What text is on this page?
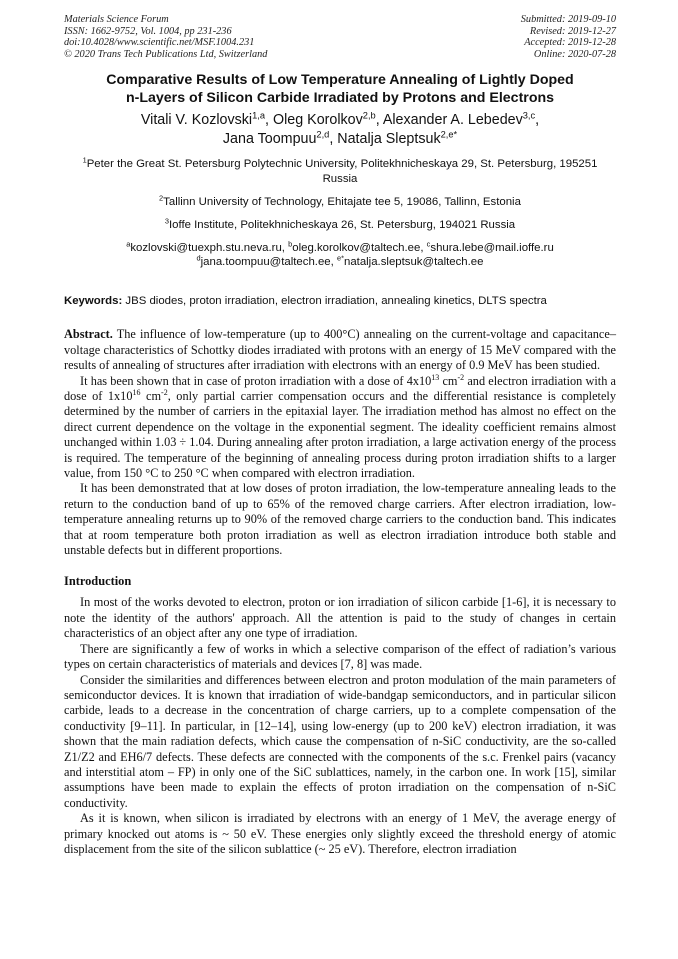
Materials Science Forum
ISSN: 1662-9752, Vol. 1004, pp 231-236
doi:10.4028/www.scientific.net/MSF.1004.231
© 2020 Trans Tech Publications Ltd, Switzerland
Submitted: 2019-09-10
Revised: 2019-12-27
Accepted: 2019-12-28
Online: 2020-07-28
Comparative Results of Low Temperature Annealing of Lightly Doped
n-Layers of Silicon Carbide Irradiated by Protons and Electrons
Vitali V. Kozlovski$^{1,a}$, Oleg Korolkov$^{2,b}$, Alexander A. Lebedev$^{3,c}$,
Jana Toompuu$^{2,d}$, Natalja Sleptsuk$^{2,e*}$
$^1$Peter the Great St. Petersburg Polytechnic University, Politekhnicheskaya 29, St. Petersburg, 195251 Russia
$^2$Tallinn University of Technology, Ehitajate tee 5, 19086, Tallinn, Estonia
$^3$Ioffe Institute, Politekhnicheskaya 26, St. Petersburg, 194021 Russia
$^a$kozlovski@tuexph.stu.neva.ru, $^b$oleg.korolkov@taltech.ee, $^c$shura.lebe@mail.ioffe.ru
$^d$jana.toompuu@taltech.ee, $^{e*}$natalja.sleptsuk@taltech.ee
Keywords: JBS diodes, proton irradiation, electron irradiation, annealing kinetics, DLTS spectra
Abstract. The influence of low-temperature (up to 400°C) annealing on the current-voltage and capacitance–voltage characteristics of Schottky diodes irradiated with protons with an energy of 15 MeV compared with the results of annealing of structures after irradiation with electrons with an energy of 0.9 MeV has been studied.
It has been shown that in case of proton irradiation with a dose of $4x10^{13}$ $cm^{-2}$ and electron irradiation with a dose of $1x10^{16}$ $cm^{-2}$, only partial carrier compensation occurs and the differential resistance is completely determined by the number of carriers in the epitaxial layer. The irradiation method has almost no effect on the direct current dependence on the voltage in the exponential segment. The ideality coefficient remains almost unchanged within 1.03 ÷ 1.04. During annealing after proton irradiation, a large activation energy of the process is required. The temperature of the beginning of annealing process during proton irradiation shifts to a larger value, from 150 °C to 250 °C when compared with electron irradiation.
It has been demonstrated that at low doses of proton irradiation, the low-temperature annealing leads to the return to the conduction band of up to 65% of the removed charge carriers. After electron irradiation, low-temperature annealing returns up to 90% of the removed charge carriers to the conduction band. This indicates that at room temperature both proton irradiation as well as electron irradiation introduce both stable and unstable defects but in different proportions.
Introduction
In most of the works devoted to electron, proton or ion irradiation of silicon carbide [1-6], it is necessary to note the identity of the authors' approach. All the attention is paid to the study of changes in certain characteristics of an object after any one type of irradiation.
There are significantly a few of works in which a selective comparison of the effect of radiation’s various types on certain characteristics of materials and devices [7, 8] was made.
Consider the similarities and differences between electron and proton modulation of the main parameters of semiconductor devices. It is known that irradiation of wide-bandgap semiconductors, and in particular silicon carbide, leads to a decrease in the concentration of charge carriers, up to a complete compensation of the conductivity [9–11]. In particular, in [12–14], using low-energy (up to 200 keV) electron irradiation, it was shown that the main radiation defects, which cause the compensation of n-SiC conductivity, are the so-called Z1/Z2 and EH6/7 defects. These defects are connected with the components of the s.c. Frenkel pairs (vacancy and interstitial atom – FP) in only one of the SiC sublattices, namely, in the carbon one. In work [15], similar assumptions have been made to explain the effects of proton irradiation on the compensation of n-SiC conductivity.
As it is known, when silicon is irradiated by electrons with an energy of 1 MeV, the average energy of primary knocked out atoms is ~ 50 eV. These energies only slightly exceed the threshold energy of atomic displacement from the site of the silicon sublattice (~ 25 eV). Therefore, electron irradiation
